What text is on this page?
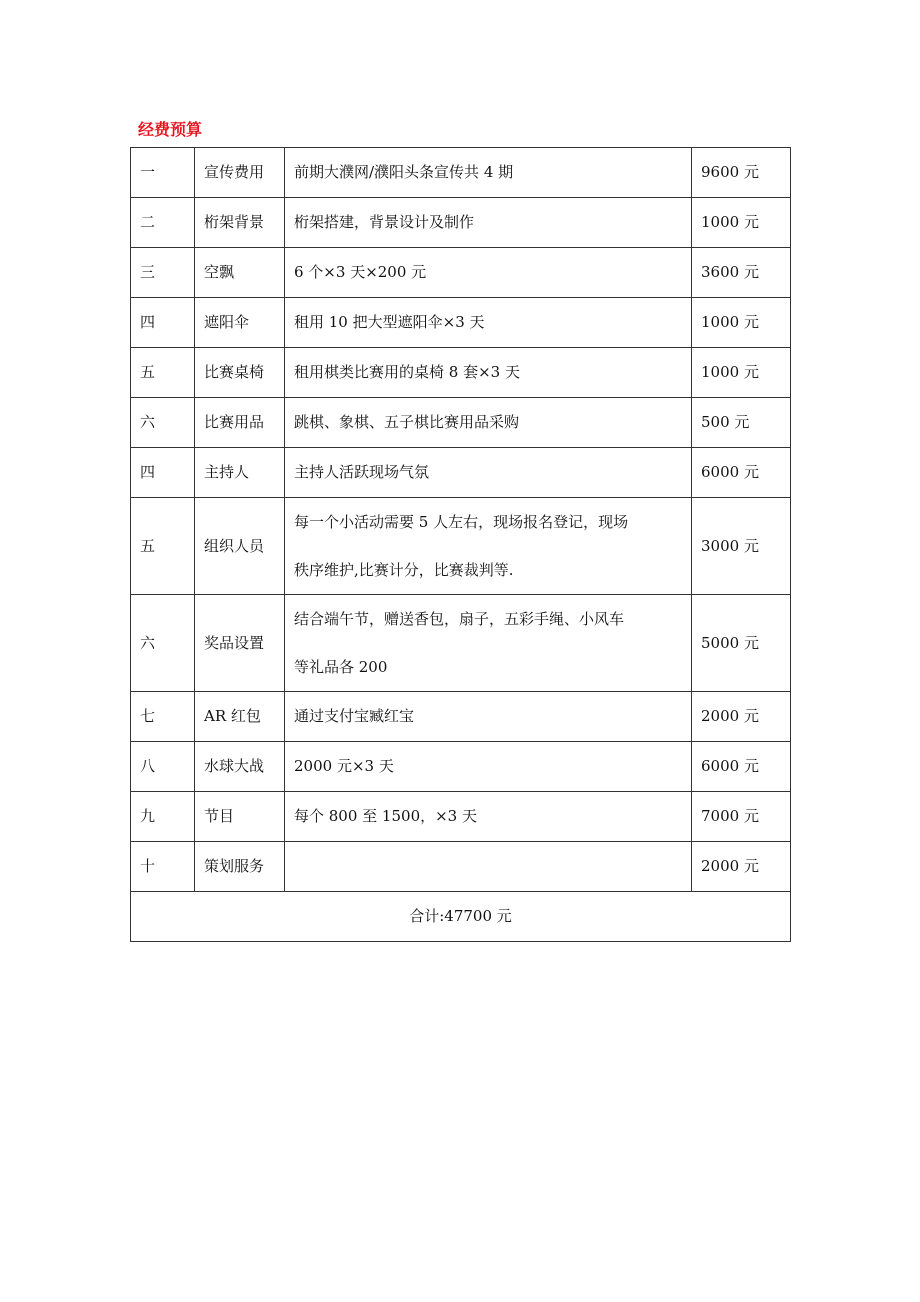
经费预算
一	宣传费用	前期大濮网/濮阳头条宣传共 4 期	9600 元
二	桁架背景	桁架搭建，背景设计及制作	1000 元
三	空飘	6 个×3 天×200 元	3600 元
四	遮阳伞	租用 10 把大型遮阳伞×3 天	1000 元
五	比赛桌椅	租用棋类比赛用的桌椅 8 套×3 天	1000 元
六	比赛用品	跳棋、象棋、五子棋比赛用品采购	500 元
四	主持人	主持人活跃现场气氛	6000 元
五	组织人员	每一个小活动需要 5 人左右，现场报名登记，现场
秩序维护,比赛计分，比赛裁判等.	3000 元
六	奖品设置	结合端午节，赠送香包，扇子，五彩手绳、小风车
等礼品各 200	5000 元
七	AR 红包	通过支付宝臧红宝	2000 元
八	水球大战	2000 元×3 天	6000 元
九	节目	每个 800 至 1500，×3 天	7000 元
十	策划服务		2000 元
合计:47700 元			
